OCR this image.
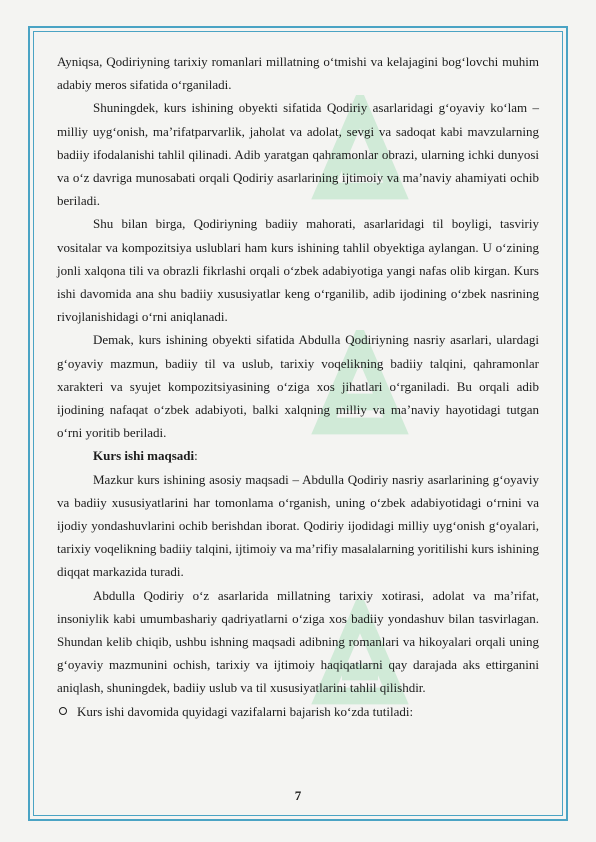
Ayniqsa, Qodiriyning tarixiy romanlari millatning o‘tmishi va kelajagini bog‘lovchi muhim adabiy meros sifatida o‘rganiladi.

Shuningdek, kurs ishining obyekti sifatida Qodiriy asarlaridagi g‘oyaviy ko‘lam – milliy uyg‘onish, ma’rifatparvarlik, jaholat va adolat, sevgi va sadoqat kabi mavzularning badiiy ifodalanishi tahlil qilinadi. Adib yaratgan qahramonlar obrazi, ularning ichki dunyosi va o‘z davriga munosabati orqali Qodiriy asarlarining ijtimoiy va ma’naviy ahamiyati ochib beriladi.

Shu bilan birga, Qodiriyning badiiy mahorati, asarlaridagi til boyligi, tasviriy vositalar va kompozitsiya uslublari ham kurs ishining tahlil obyektiga aylangan. U o‘zining jonli xalqona tili va obrazli fikrlashi orqali o‘zbek adabiyotiga yangi nafas olib kirgan. Kurs ishi davomida ana shu badiiy xususiyatlar keng o‘rganilib, adib ijodining o‘zbek nasrining rivojlanishidagi o‘rni aniqlanadi.

Demak, kurs ishining obyekti sifatida Abdulla Qodiriyning nasriy asarlari, ulardagi g‘oyaviy mazmun, badiiy til va uslub, tarixiy voqelikning badiiy talqini, qahramonlar xarakteri va syujet kompozitsiyasining o‘ziga xos jihatlari o‘rganiladi. Bu orqali adib ijodining nafaqat o‘zbek adabiyoti, balki xalqning milliy va ma’naviy hayotidagi tutgan o‘rni yoritib beriladi.

Kurs ishi maqsadi:

Mazkur kurs ishining asosiy maqsadi – Abdulla Qodiriy nasriy asarlarining g‘oyaviy va badiiy xususiyatlarini har tomonlama o‘rganish, uning o‘zbek adabiyotidagi o‘rnini va ijodiy yondashuvlarini ochib berishdan iborat. Qodiriy ijodidagi milliy uyg‘onish g‘oyalari, tarixiy voqelikning badiiy talqini, ijtimoiy va ma’rifiy masalalarning yoritilishi kurs ishining diqqat markazida turadi.

Abdulla Qodiriy o‘z asarlarida millatning tarixiy xotirasi, adolat va ma’rifat, insoniylik kabi umumbashariy qadriyatlarni o‘ziga xos badiiy yondashuv bilan tasvirlagan. Shundan kelib chiqib, ushbu ishning maqsadi adibning romanlari va hikoyalari orqali uning g‘oyaviy mazmunini ochish, tarixiy va ijtimoiy haqiqatlarni qay darajada aks ettirganini aniqlash, shuningdek, badiiy uslub va til xususiyatlarini tahlil qilishdir.

Kurs ishi davomida quyidagi vazifalarni bajarish ko‘zda tutiladi:

7
